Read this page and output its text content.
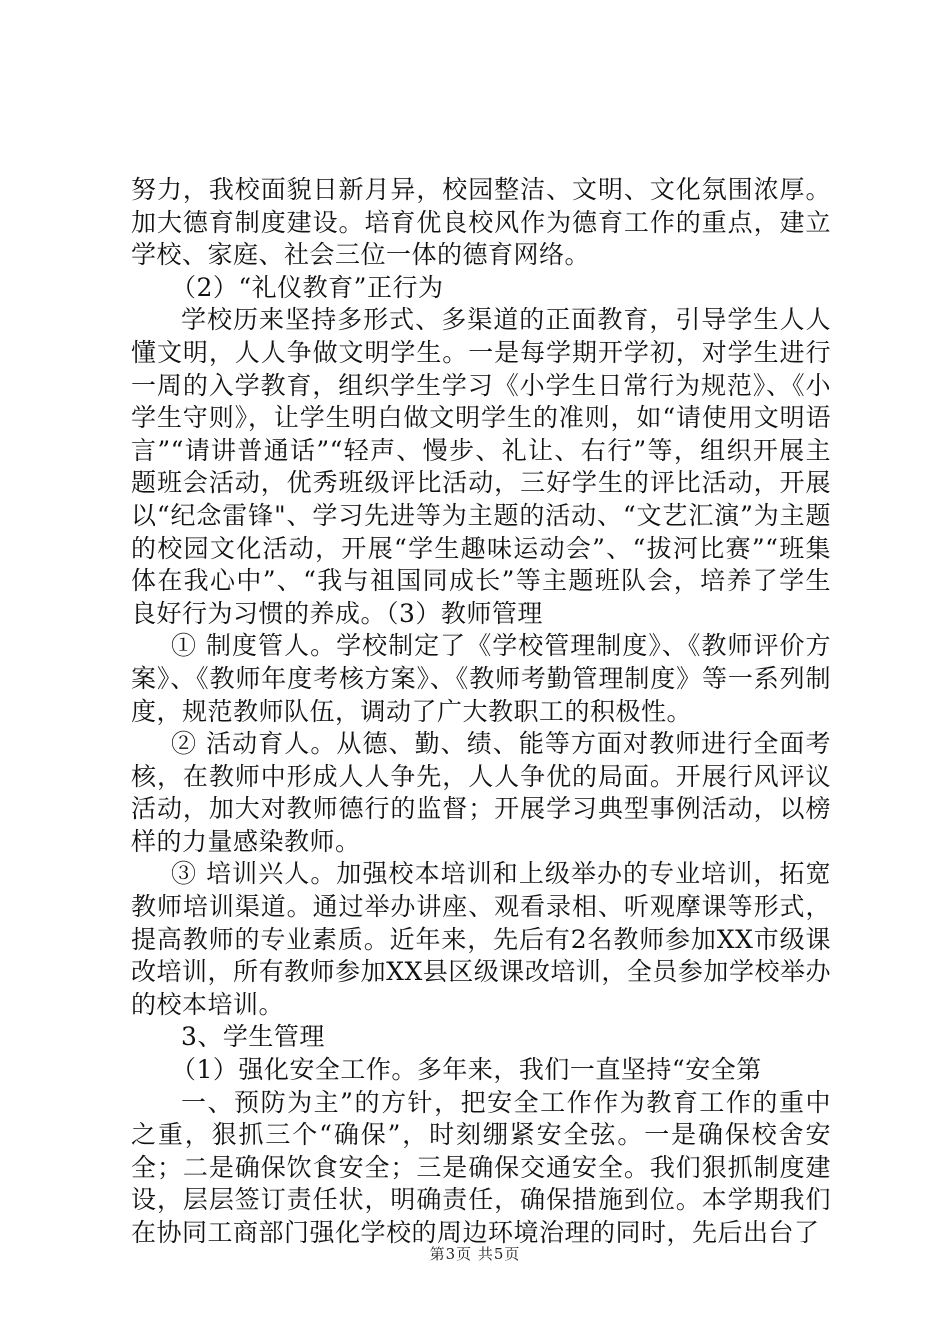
努力，我校面貌日新月异，校园整洁、文明、文化氛围浓厚。加大德育制度建设。培育优良校风作为德育工作的重点，建立学校、家庭、社会三位一体的德育网络。

（2）“礼仪教育”正行为

学校历来坚持多形式、多渠道的正面教育，引导学生人人懂文明，人人争做文明学生。一是每学期开学初，对学生进行一周的入学教育，组织学生学习《小学生日常行为规范》、《小学生守则》，让学生明白做文明学生的准则，如“请使用文明语言”“请讲普通话”“轻声、慢步、礼让、右行”等，组织开展主题班会活动，优秀班级评比活动，三好学生的评比活动，开展以“纪念雷锋"、学习先进等为主题的活动、“文艺汇演”为主题的校园文化活动，开展“学生趣味运动会”、“拔河比赛”“班集体在我心中”、“我与祖国同成长”等主题班队会，培养了学生良好行为习惯的养成。（3）教师管理

① 制度管人。学校制定了《学校管理制度》、《教师评价方案》、《教师年度考核方案》、《教师考勤管理制度》等一系列制度，规范教师队伍，调动了广大教职工的积极性。

② 活动育人。从德、勤、绩、能等方面对教师进行全面考核，在教师中形成人人争先，人人争优的局面。开展行风评议活动，加大对教师德行的监督；开展学习典型事例活动，以榜样的力量感染教师。

③ 培训兴人。加强校本培训和上级举办的专业培训，拓宽教师培训渠道。通过举办讲座、观看录相、听观摩课等形式，提高教师的专业素质。近年来，先后有2名教师参加XX市级课改培训，所有教师参加XX县区级课改培训，全员参加学校举办的校本培训。

3、学生管理

（1）强化安全工作。多年来，我们一直坚持“安全第

一、预防为主”的方针，把安全工作作为教育工作的重中之重，狠抓三个“确保”，时刻绷紧安全弦。一是确保校舍安全；二是确保饮食安全；三是确保交通安全。我们狠抓制度建设，层层签订责任状，明确责任，确保措施到位。本学期我们在协同工商部门强化学校的周边环境治理的同时，先后出台了

第3页 共5页
